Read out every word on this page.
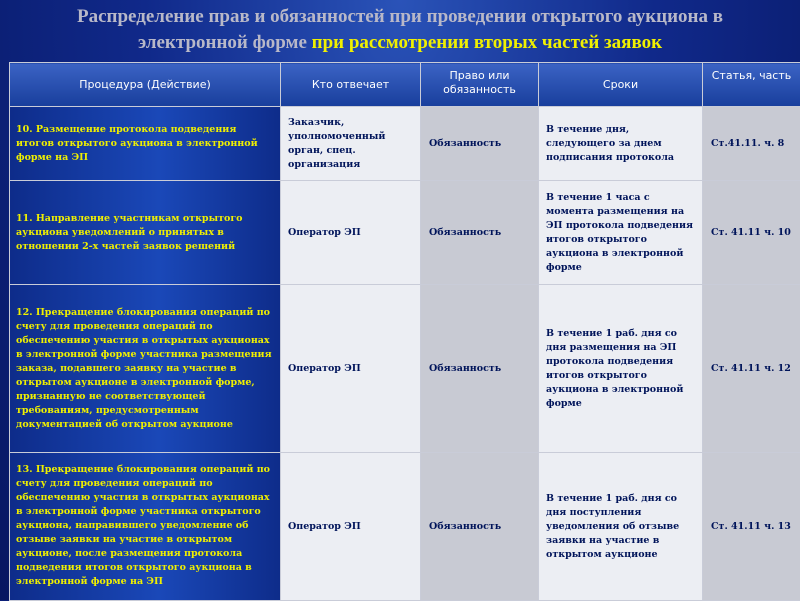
Распределение прав и обязанностей при проведении открытого аукциона в
электронной форме при рассмотрении вторых частей заявок
Процедура (Действие)	Кто отвечает	Право или обязанность	Сроки	Статья, часть

10. Размещение протокола подведения итогов открытого аукциона в электронной форме на ЭП	Заказчик, уполномоченный орган, спец. организация	Обязанность	В течение дня, следующего за днем подписания протокола	Ст.41.11. ч. 8

11. Направление участникам открытого аукциона уведомлений о принятых в отношении 2-х частей заявок решений	Оператор ЭП	Обязанность	В течение 1 часа с момента размещения на ЭП протокола подведения итогов открытого аукциона в электронной форме	Ст. 41.11 ч. 10

12. Прекращение блокирования операций по счету для проведения операций по обеспечению участия в открытых аукционах в электронной форме участника размещения заказа, подавшего заявку на участие в открытом аукционе в электронной форме, признанную не соответствующей требованиям, предусмотренным документацией об открытом аукционе	Оператор ЭП	Обязанность	В течение 1 раб. дня со дня размещения на ЭП протокола подведения итогов открытого аукциона в электронной форме	Ст. 41.11 ч. 12

13. Прекращение блокирования операций по счету для проведения операций по обеспечению участия в открытых аукционах в электронной форме участника открытого аукциона, направившего уведомление об отзыве заявки на участие в открытом аукционе, после размещения протокола подведения итогов открытого аукциона в электронной форме на ЭП	Оператор ЭП	Обязанность	В течение 1 раб. дня со дня поступления уведомления об отзыве заявки на участие в открытом аукционе	Ст. 41.11 ч. 13
